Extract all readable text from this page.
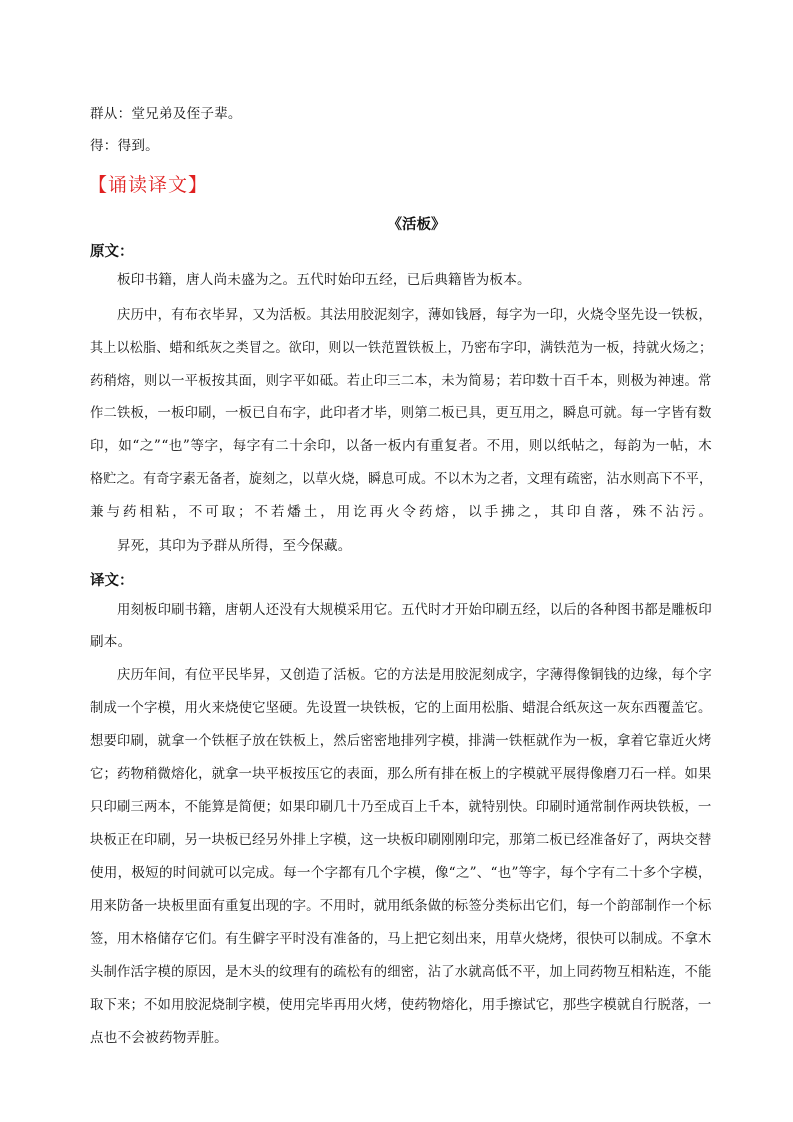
群从：堂兄弟及侄子辈。
得：得到。
【诵读译文】
《活板》
原文：
板印书籍，唐人尚未盛为之。五代时始印五经，已后典籍皆为板本。
庆历中，有布衣毕昇，又为活板。其法用胶泥刻字，薄如钱唇，每字为一印，火烧令坚先设一铁板，
其上以松脂、蜡和纸灰之类冒之。欲印，则以一铁范置铁板上，乃密布字印，满铁范为一板，持就火炀之；
药稍熔，则以一平板按其面，则字平如砥。若止印三二本，未为简易；若印数十百千本，则极为神速。常
作二铁板，一板印刷，一板已自布字，此印者才毕，则第二板已具，更互用之，瞬息可就。每一字皆有数
印，如“之”“也”等字，每字有二十余印，以备一板内有重复者。不用，则以纸帖之，每韵为一帖，木
格贮之。有奇字素无备者，旋刻之，以草火烧，瞬息可成。不以木为之者，文理有疏密，沾水则高下不平，
兼与药相粘，不可取；不若燔土，用讫再火令药熔，以手拂之，其印自落，殊不沾污。
昇死，其印为予群从所得，至今保藏。
译文：
用刻板印刷书籍，唐朝人还没有大规模采用它。五代时才开始印刷五经，以后的各种图书都是雕板印
刷本。
庆历年间，有位平民毕昇，又创造了活板。它的方法是用胶泥刻成字，字薄得像铜钱的边缘，每个字
制成一个字模，用火来烧使它坚硬。先设置一块铁板，它的上面用松脂、蜡混合纸灰这一灰东西覆盖它。
想要印刷，就拿一个铁框子放在铁板上，然后密密地排列字模，排满一铁框就作为一板，拿着它靠近火烤
它；药物稍微熔化，就拿一块平板按压它的表面，那么所有排在板上的字模就平展得像磨刀石一样。如果
只印刷三两本，不能算是简便；如果印刷几十乃至成百上千本，就特别快。印刷时通常制作两块铁板，一
块板正在印刷，另一块板已经另外排上字模，这一块板印刷刚刚印完，那第二板已经准备好了，两块交替
使用，极短的时间就可以完成。每一个字都有几个字模，像“之”、“也”等字，每个字有二十多个字模，
用来防备一块板里面有重复出现的字。不用时，就用纸条做的标签分类标出它们，每一个韵部制作一个标
签，用木格储存它们。有生僻字平时没有准备的，马上把它刻出来，用草火烧烤，很快可以制成。不拿木
头制作活字模的原因，是木头的纹理有的疏松有的细密，沾了水就高低不平，加上同药物互相粘连，不能
取下来；不如用胶泥烧制字模，使用完毕再用火烤，使药物熔化，用手擦试它，那些字模就自行脱落，一
点也不会被药物弄脏。
